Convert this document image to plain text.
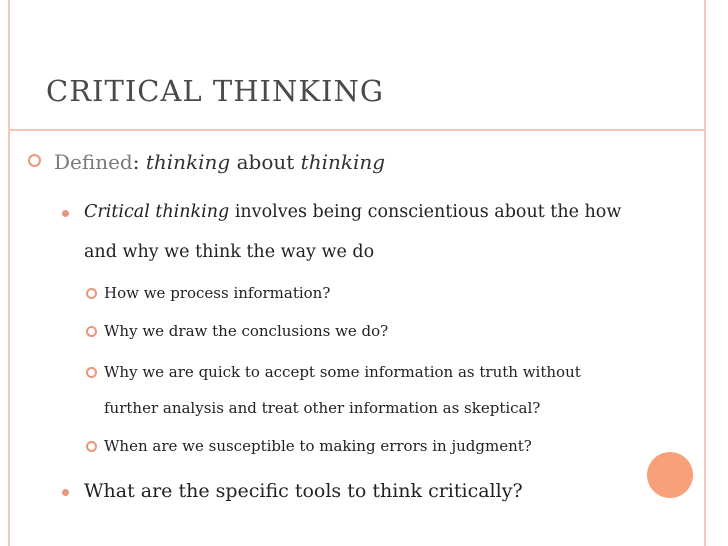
CRITICAL THINKING
Defined: thinking about thinking
Critical thinking involves being conscientious about the how
and why we think the way we do
How we process information?
Why we draw the conclusions we do?
Why we are quick to accept some information as truth without
further analysis and treat other information as skeptical?
When are we susceptible to making errors in judgment?
What are the specific tools to think critically?
